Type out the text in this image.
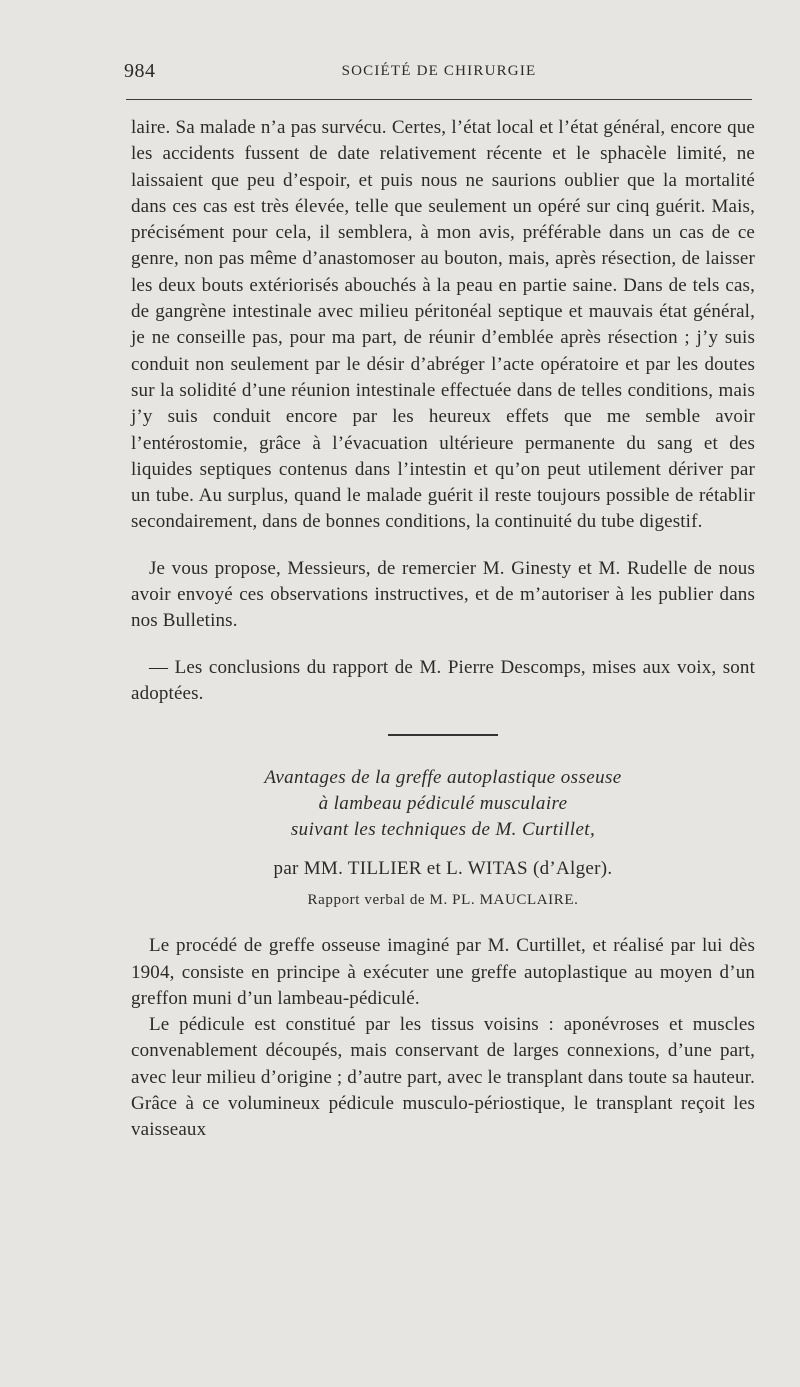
984	SOCIÉTÉ DE CHIRURGIE

laire. Sa malade n’a pas survécu. Certes, l’état local et l’état général, encore que les accidents fussent de date relativement récente et le sphacèle limité, ne laissaient que peu d’espoir, et puis nous ne saurions oublier que la mortalité dans ces cas est très élevée, telle que seulement un opéré sur cinq guérit. Mais, précisément pour cela, il semblera, à mon avis, préférable dans un cas de ce genre, non pas même d’anastomoser au bouton, mais, après résection, de laisser les deux bouts extériorisés abouchés à la peau en partie saine. Dans de tels cas, de gangrène intestinale avec milieu péritonéal septique et mauvais état général, je ne conseille pas, pour ma part, de réunir d’emblée après résection ; j’y suis conduit non seulement par le désir d’abréger l’acte opératoire et par les doutes sur la solidité d’une réunion intestinale effectuée dans de telles conditions, mais j’y suis conduit encore par les heureux effets que me semble avoir l’entérostomie, grâce à l’évacuation ultérieure permanente du sang et des liquides septiques contenus dans l’intestin et qu’on peut utilement dériver par un tube. Au surplus, quand le malade guérit il reste toujours possible de rétablir secondairement, dans de bonnes conditions, la continuité du tube digestif.

Je vous propose, Messieurs, de remercier M. Ginesty et M. Rudelle de nous avoir envoyé ces observations instructives, et de m’autoriser à les publier dans nos Bulletins.

— Les conclusions du rapport de M. Pierre Descomps, mises aux voix, sont adoptées.

Avantages de la greffe autoplastique osseuse
à lambeau pédiculé musculaire
suivant les techniques de M. Curtillet,
par MM. TILLIER et L. WITAS (d’Alger).
Rapport verbal de M. PL. MAUCLAIRE.

Le procédé de greffe osseuse imaginé par M. Curtillet, et réalisé par lui dès 1904, consiste en principe à exécuter une greffe autoplastique au moyen d’un greffon muni d’un lambeau-pédiculé.

Le pédicule est constitué par les tissus voisins : aponévroses et muscles convenablement découpés, mais conservant de larges connexions, d’une part, avec leur milieu d’origine ; d’autre part, avec le transplant dans toute sa hauteur. Grâce à ce volumineux pédicule musculo-périostique, le transplant reçoit les vaisseaux
